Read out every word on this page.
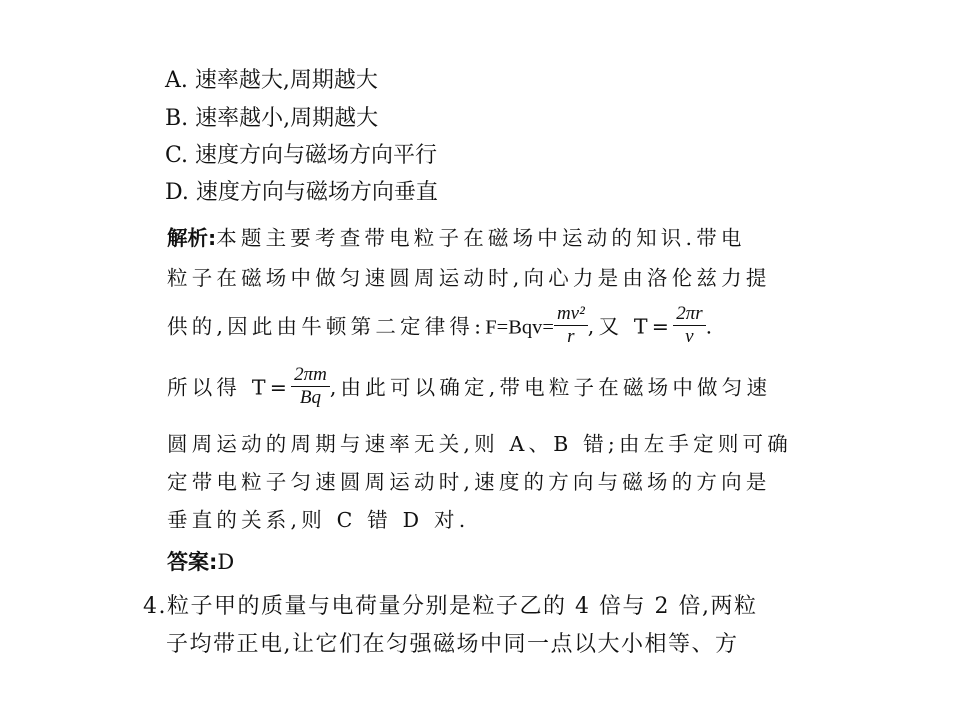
A. 速率越大,周期越大
B. 速率越小,周期越大
C. 速度方向与磁场方向平行
D. 速度方向与磁场方向垂直
解析:本题主要考查带电粒子在磁场中运动的知识.带电
粒子在磁场中做匀速圆周运动时,向心力是由洛伦兹力提
供的,因此由牛顿第二定律得:F=Bqv= $\frac{\text{mv²}}{r}$ ,又 $T= \frac{2\pi r}{v}$ .
所以得 $T= \frac{2\pi m}{Bq}$ ,由此可以确定,带电粒子在磁场中做匀速
圆周运动的周期与速率无关,则 A、B 错;由左手定则可确
定带电粒子匀速圆周运动时,速度的方向与磁场的方向是
垂直的关系,则 C 错 D 对.
答案:D
4.粒子甲的质量与电荷量分别是粒子乙的 4 倍与 2 倍,两粒
子均带正电,让它们在匀强磁场中同一点以大小相等、方
